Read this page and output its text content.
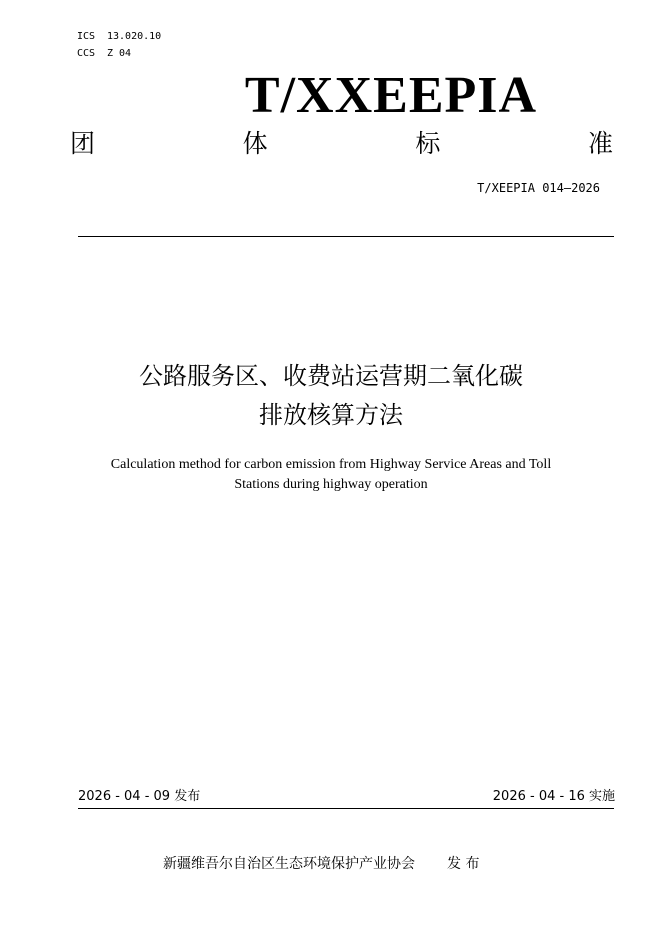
ICS 13.020.10
CCS Z 04
T/XXEEPIA
团	体	标	准
T/XEEPIA 014—2026
公路服务区、收费站运营期二氧化碳
排放核算方法
Calculation method for carbon emission from Highway Service Areas and Toll
Stations during highway operation
2026 - 04 - 09 发布	2026 - 04 - 16 实施
新疆维吾尔自治区生态环境保护产业协会 发 布
